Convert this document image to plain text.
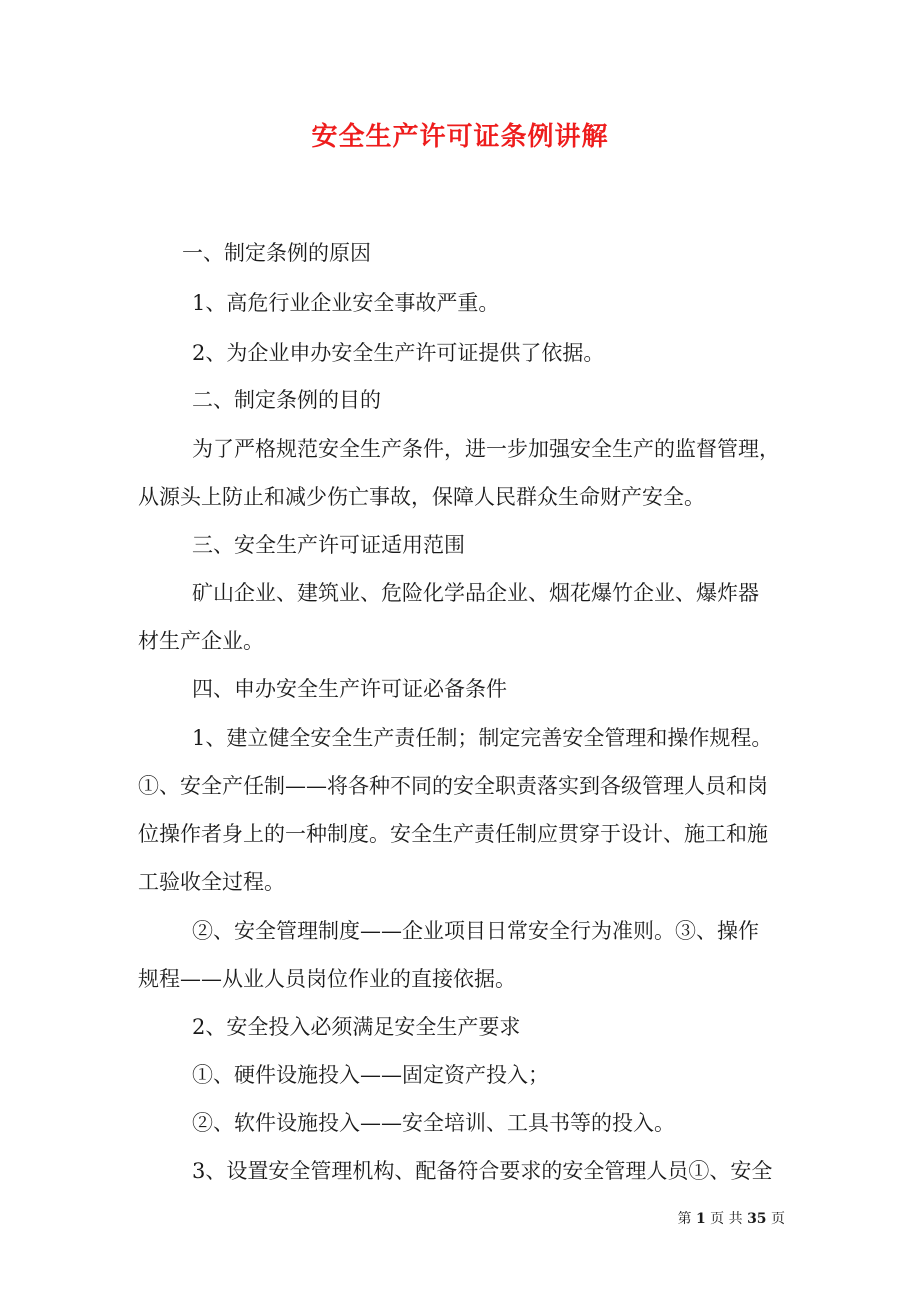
安全生产许可证条例讲解

一、制定条例的原因

1、高危行业企业安全事故严重。

2、为企业申办安全生产许可证提供了依据。

二、制定条例的目的

为了严格规范安全生产条件，进一步加强安全生产的监督管理，

从源头上防止和减少伤亡事故，保障人民群众生命财产安全。

三、安全生产许可证适用范围

矿山企业、建筑业、危险化学品企业、烟花爆竹企业、爆炸器

材生产企业。

四、申办安全生产许可证必备条件

1、建立健全安全生产责任制；制定完善安全管理和操作规程。

①、安全产任制——将各种不同的安全职责落实到各级管理人员和岗

位操作者身上的一种制度。安全生产责任制应贯穿于设计、施工和施

工验收全过程。

②、安全管理制度——企业项目日常安全行为准则。③、操作

规程——从业人员岗位作业的直接依据。

2、安全投入必须满足安全生产要求

①、硬件设施投入——固定资产投入；

②、软件设施投入——安全培训、工具书等的投入。

3、设置安全管理机构、配备符合要求的安全管理人员①、安全

第 1 页 共 35 页
